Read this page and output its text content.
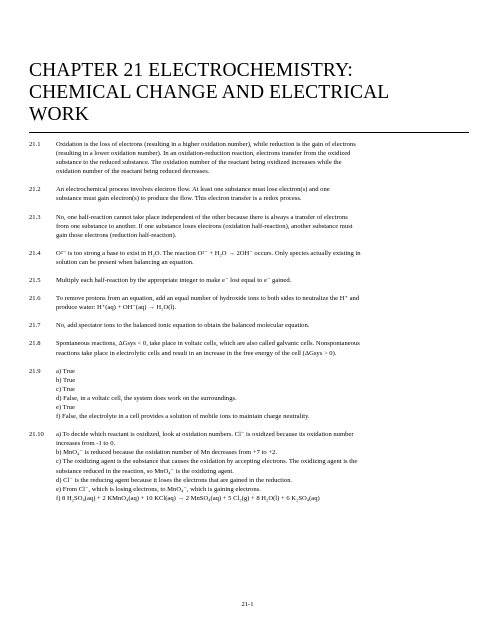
CHAPTER 21 ELECTROCHEMISTRY:
CHEMICAL CHANGE AND ELECTRICAL
WORK
21.1	Oxidation is the loss of electrons (resulting in a higher oxidation number), while reduction is the gain of electrons
(resulting in a lower oxidation number). In an oxidation-reduction reaction, electrons transfer from the oxidized
substance to the reduced substance. The oxidation number of the reactant being oxidized increases while the
oxidation number of the reactant being reduced decreases.
21.2	An electrochemical process involves electron flow. At least one substance must lose electron(s) and one
substance must gain electron(s) to produce the flow. This electron transfer is a redox process.
21.3	No, one half-reaction cannot take place independent of the other because there is always a transfer of electrons
from one substance to another. If one substance loses electrons (oxidation half-reaction), another substance must
gain those electrons (reduction half-reaction).
21.4	O²⁻ is too strong a base to exist in H₂O. The reaction O²⁻ + H₂O → 2OH⁻ occurs. Only species actually existing in
solution can be present when balancing an equation.
21.5	Multiply each half-reaction by the appropriate integer to make e⁻ lost equal to e⁻ gained.
21.6	To remove protons from an equation, add an equal number of hydroxide ions to both sides to neutralize the H⁺ and
produce water: H⁺(aq) + OH⁻(aq) → H₂O(l).
21.7	No, add spectator ions to the balanced ionic equation to obtain the balanced molecular equation.
21.8	Spontaneous reactions, ΔGsys < 0, take place in voltaic cells, which are also called galvanic cells. Nonspontaneous
reactions take place in electrolytic cells and result in an increase in the free energy of the cell (ΔGsys > 0).
21.9	a) True
b) True
c) True
d) False, in a voltaic cell, the system does work on the surroundings.
e) True
f) False, the electrolyte in a cell provides a solution of mobile ions to maintain charge neutrality.
21.10	a) To decide which reactant is oxidized, look at oxidation numbers. Cl⁻ is oxidized because its oxidation number
increases from -1 to 0.
b) MnO₄⁻ is reduced because the oxidation number of Mn decreases from +7 to +2.
c) The oxidizing agent is the substance that causes the oxidation by accepting electrons. The oxidizing agent is the
substance reduced in the reaction, so MnO₄⁻ is the oxidizing agent.
d) Cl⁻ is the reducing agent because it loses the electrons that are gained in the reduction.
e) From Cl⁻, which is losing electrons, to MnO₄⁻, which is gaining electrons.
f) 8 H₂SO₄(aq) + 2 KMnO₄(aq) + 10 KCl(aq) → 2 MnSO₄(aq) + 5 Cl₂(g) + 8 H₂O(l) + 6 K₂SO₄(aq)
21-1
